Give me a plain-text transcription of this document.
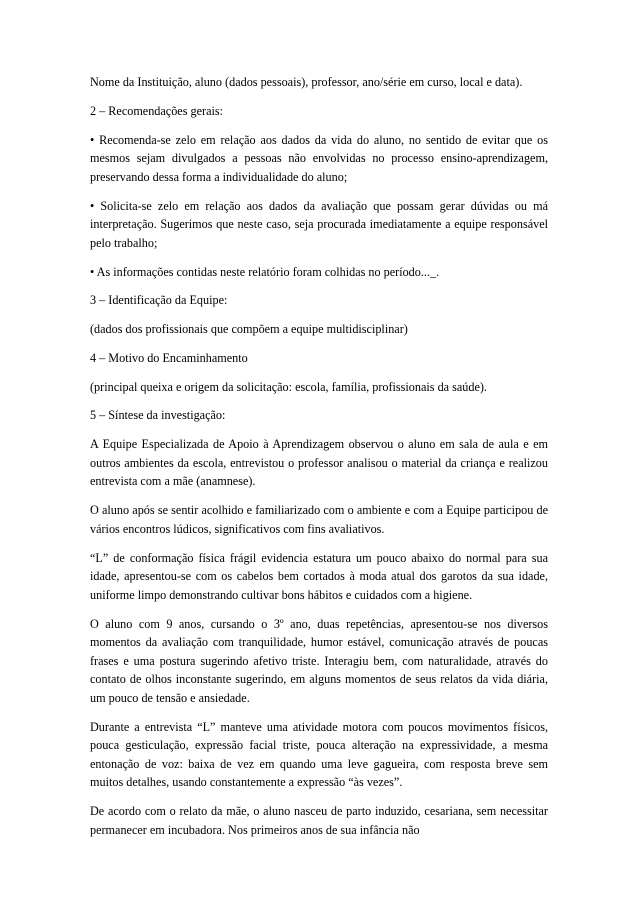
Nome da Instituição, aluno (dados pessoais), professor, ano/série em curso, local e data).

2 – Recomendações gerais:

• Recomenda-se zelo em relação aos dados da vida do aluno, no sentido de evitar que os mesmos sejam divulgados a pessoas não envolvidas no processo ensino-aprendizagem, preservando dessa forma a individualidade do aluno;

• Solicita-se zelo em relação aos dados da avaliação que possam gerar dúvidas ou má interpretação. Sugerimos que neste caso, seja procurada imediatamente a equipe responsável pelo trabalho;

• As informações contidas neste relatório foram colhidas no período..._.

3 – Identificação da Equipe:

(dados dos profissionais que compõem a equipe multidisciplinar)

4 – Motivo do Encaminhamento

(principal queixa e origem da solicitação: escola, família, profissionais da saúde).

5 – Síntese da investigação:

A Equipe Especializada de Apoio à Aprendizagem observou o aluno em sala de aula e em outros ambientes da escola, entrevistou o professor analisou o material da criança e realizou entrevista com a mãe (anamnese).

O aluno após se sentir acolhido e familiarizado com o ambiente e com a Equipe participou de vários encontros lúdicos, significativos com fins avaliativos.

“L” de conformação física frágil evidencia estatura um pouco abaixo do normal para sua idade, apresentou-se com os cabelos bem cortados à moda atual dos garotos da sua idade, uniforme limpo demonstrando cultivar bons hábitos e cuidados com a higiene.

O aluno com 9 anos, cursando o 3º ano, duas repetências, apresentou-se nos diversos momentos da avaliação com tranquilidade, humor estável, comunicação através de poucas frases e uma postura sugerindo afetivo triste. Interagiu bem, com naturalidade, através do contato de olhos inconstante sugerindo, em alguns momentos de seus relatos da vida diária, um pouco de tensão e ansiedade.

Durante a entrevista “L” manteve uma atividade motora com poucos movimentos físicos, pouca gesticulação, expressão facial triste, pouca alteração na expressividade, a mesma entonação de voz: baixa de vez em quando uma leve gagueira, com resposta breve sem muitos detalhes, usando constantemente a expressão “às vezes”.

De acordo com o relato da mãe, o aluno nasceu de parto induzido, cesariana, sem necessitar permanecer em incubadora. Nos primeiros anos de sua infância não
